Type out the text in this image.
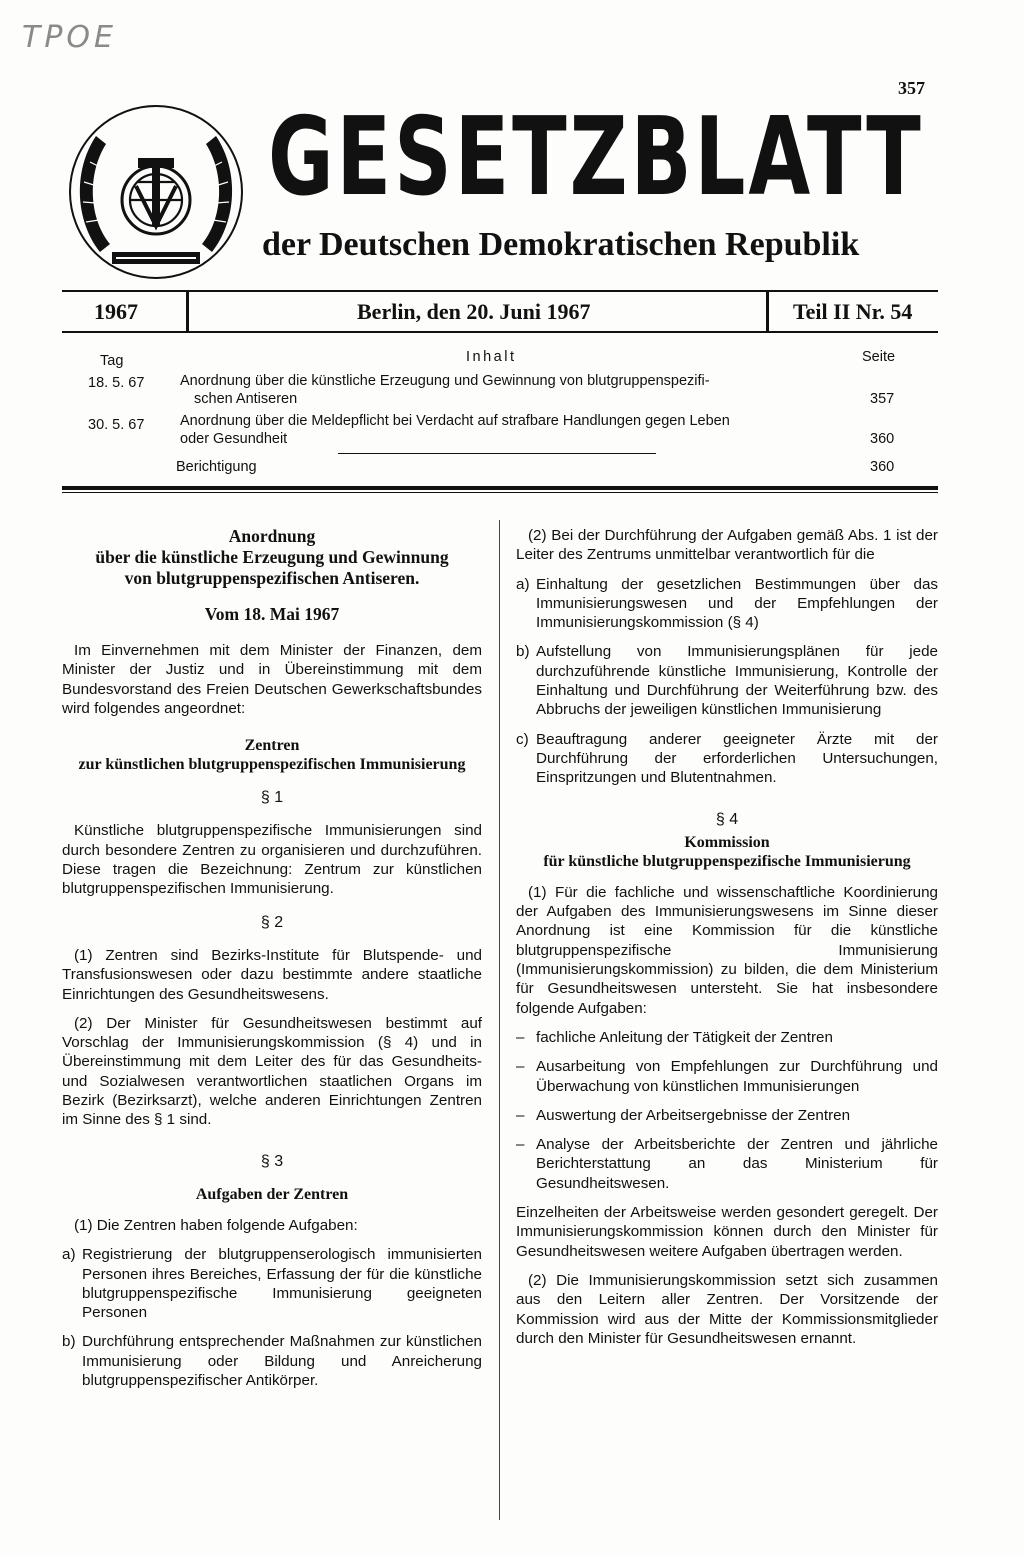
TPOE
357
GESETZBLATT
der Deutschen Demokratischen Republik
1967	Berlin, den 20. Juni 1967	Teil II Nr. 54
Tag	Inhalt	Seite
18. 5. 67	Anordnung über die künstliche Erzeugung und Gewinnung von blutgruppenspezifi-
schen Antiseren	357
30. 5. 67	Anordnung über die Meldepflicht bei Verdacht auf strafbare Handlungen gegen Leben
oder Gesundheit	360
Berichtigung	360
Anordnung
über die künstliche Erzeugung und Gewinnung
von blutgruppenspezifischen Antiseren.
Vom 18. Mai 1967

Im Einvernehmen mit dem Minister der Finanzen, dem Minister der Justiz und in Übereinstimmung mit dem Bundesvorstand des Freien Deutschen Gewerkschaftsbundes wird folgendes angeordnet:

Zentren
zur künstlichen blutgruppenspezifischen Immunisierung
§ 1

Künstliche blutgruppenspezifische Immunisierungen sind durch besondere Zentren zu organisieren und durchzuführen. Diese tragen die Bezeichnung: Zentrum zur künstlichen blutgruppenspezifischen Immunisierung.

§ 2

(1) Zentren sind Bezirks-Institute für Blutspende- und Transfusionswesen oder dazu bestimmte andere staatliche Einrichtungen des Gesundheitswesens.

(2) Der Minister für Gesundheitswesen bestimmt auf Vorschlag der Immunisierungskommission (§ 4) und in Übereinstimmung mit dem Leiter des für das Gesundheits- und Sozialwesen verantwortlichen staatlichen Organs im Bezirk (Bezirksarzt), welche anderen Einrichtungen Zentren im Sinne des § 1 sind.

§ 3
Aufgaben der Zentren

(1) Die Zentren haben folgende Aufgaben:

a) Registrierung der blutgruppenserologisch immunisierten Personen ihres Bereiches, Erfassung der für die künstliche blutgruppenspezifische Immunisierung geeigneten Personen
b) Durchführung entsprechender Maßnahmen zur künstlichen Immunisierung oder Bildung und Anreicherung blutgruppenspezifischer Antikörper.

(2) Bei der Durchführung der Aufgaben gemäß Abs. 1 ist der Leiter des Zentrums unmittelbar verantwortlich für die

a) Einhaltung der gesetzlichen Bestimmungen über das Immunisierungswesen und der Empfehlungen der Immunisierungskommission (§ 4)
b) Aufstellung von Immunisierungsplänen für jede durchzuführende künstliche Immunisierung, Kontrolle der Einhaltung und Durchführung der Weiterführung bzw. des Abbruchs der jeweiligen künstlichen Immunisierung
c) Beauftragung anderer geeigneter Ärzte mit der Durchführung der erforderlichen Untersuchungen, Einspritzungen und Blutentnahmen.
§ 4
Kommission
für künstliche blutgruppenspezifische Immunisierung

(1) Für die fachliche und wissenschaftliche Koordinierung der Aufgaben des Immunisierungswesens im Sinne dieser Anordnung ist eine Kommission für die künstliche blutgruppenspezifische Immunisierung (Immunisierungskommission) zu bilden, die dem Ministerium für Gesundheitswesen untersteht. Sie hat insbesondere folgende Aufgaben:

– fachliche Anleitung der Tätigkeit der Zentren
– Ausarbeitung von Empfehlungen zur Durchführung und Überwachung von künstlichen Immunisierungen
– Auswertung der Arbeitsergebnisse der Zentren
– Analyse der Arbeitsberichte der Zentren und jährliche Berichterstattung an das Ministerium für Gesundheitswesen.

Einzelheiten der Arbeitsweise werden gesondert geregelt. Der Immunisierungskommission können durch den Minister für Gesundheitswesen weitere Aufgaben übertragen werden.

(2) Die Immunisierungskommission setzt sich zusammen aus den Leitern aller Zentren. Der Vorsitzende der Kommission wird aus der Mitte der Kommissionsmitglieder durch den Minister für Gesundheitswesen ernannt.
